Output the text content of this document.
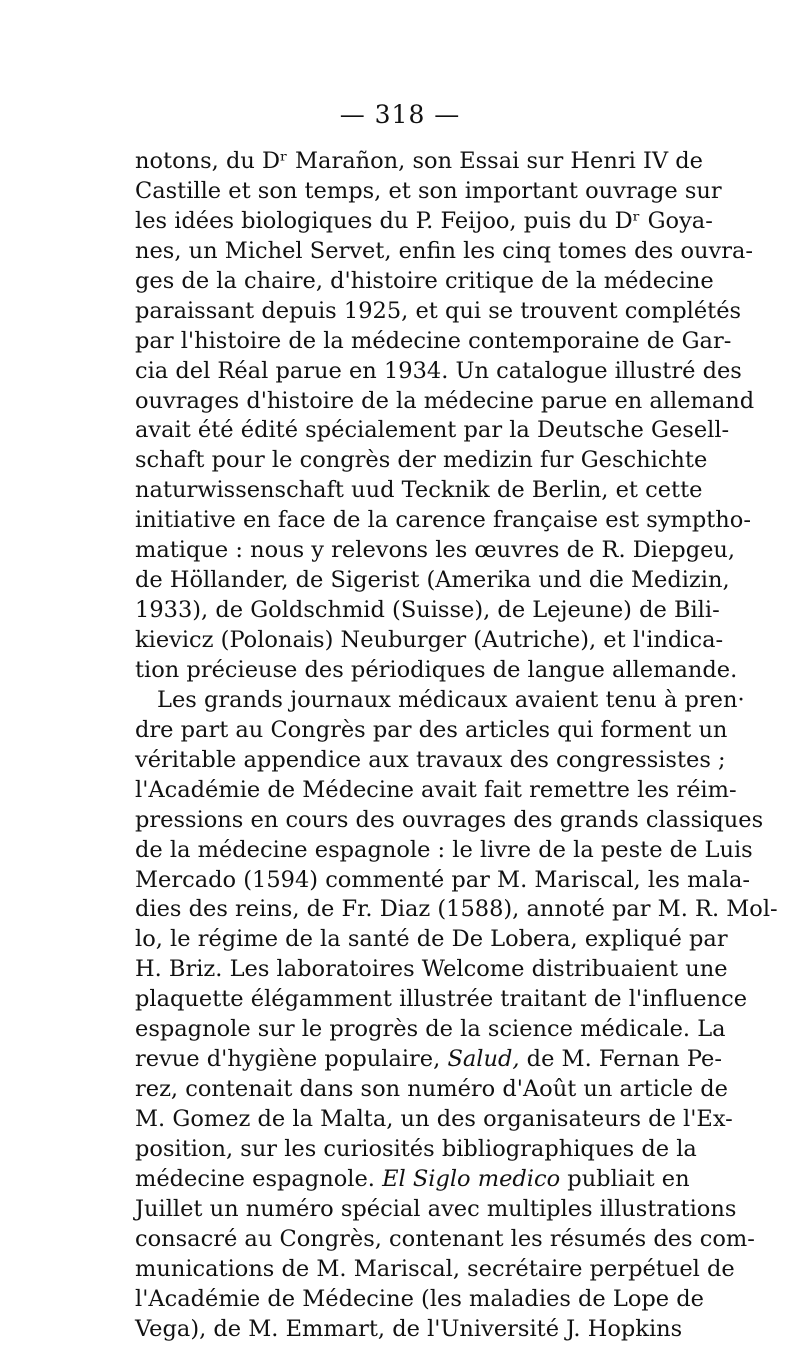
— 318 —
notons, du Dʳ Marañon, son Essai sur Henri IV de
Castille et son temps, et son important ouvrage sur
les idées biologiques du P. Feijoo, puis du Dʳ Goya-
nes, un Michel Servet, enfin les cinq tomes des ouvra-
ges de la chaire, d'histoire critique de la médecine
paraissant depuis 1925, et qui se trouvent complétés
par l'histoire de la médecine contemporaine de Gar-
cia del Réal parue en 1934. Un catalogue illustré des
ouvrages d'histoire de la médecine parue en allemand
avait été édité spécialement par la Deutsche Gesell-
schaft pour le congrès der medizin fur Geschichte
naturwissenschaft uud Tecknik de Berlin, et cette
initiative en face de la carence française est sympthо-
matique : nous y relevons les œuvres de R. Diepgeu,
de Höllander, de Sigerist (Amerika und die Medizin,
1933), de Goldschmid (Suisse), de Lejeune) de Bili-
kievicz (Polonais) Neuburger (Autriche), et l'indica-
tion précieuse des périodiques de langue allemande.
Les grands journaux médicaux avaient tenu à pren·
dre part au Congrès par des articles qui forment un
véritable appendice aux travaux des congressistes ;
l'Académie de Médecine avait fait remettre les réim-
pressions en cours des ouvrages des grands classiques
de la médecine espagnole : le livre de la peste de Luis
Mercado (1594) commenté par M. Mariscal, les mala-
dies des reins, de Fr. Diaz (1588), annoté par M. R. Mol-
lo, le régime de la santé de De Lobera, expliqué par
H. Briz. Les laboratoires Welcome distribuaient une
plaquette élégamment illustrée traitant de l'influence
espagnole sur le progrès de la science médicale. La
revue d'hygiène populaire, Salud, de M. Fernan Pe-
rez, contenait dans son numéro d'Août un article de
M. Gomez de la Malta, un des organisateurs de l'Ex-
position, sur les curiosités bibliographiques de la
médecine espagnole. El Siglo medico publiait en
Juillet un numéro spécial avec multiples illustrations
consacré au Congrès, contenant les résumés des com-
munications de M. Mariscal, secrétaire perpétuel de
l'Académie de Médecine (les maladies de Lope de
Vega), de M. Emmart, de l'Université J. Hopkins
